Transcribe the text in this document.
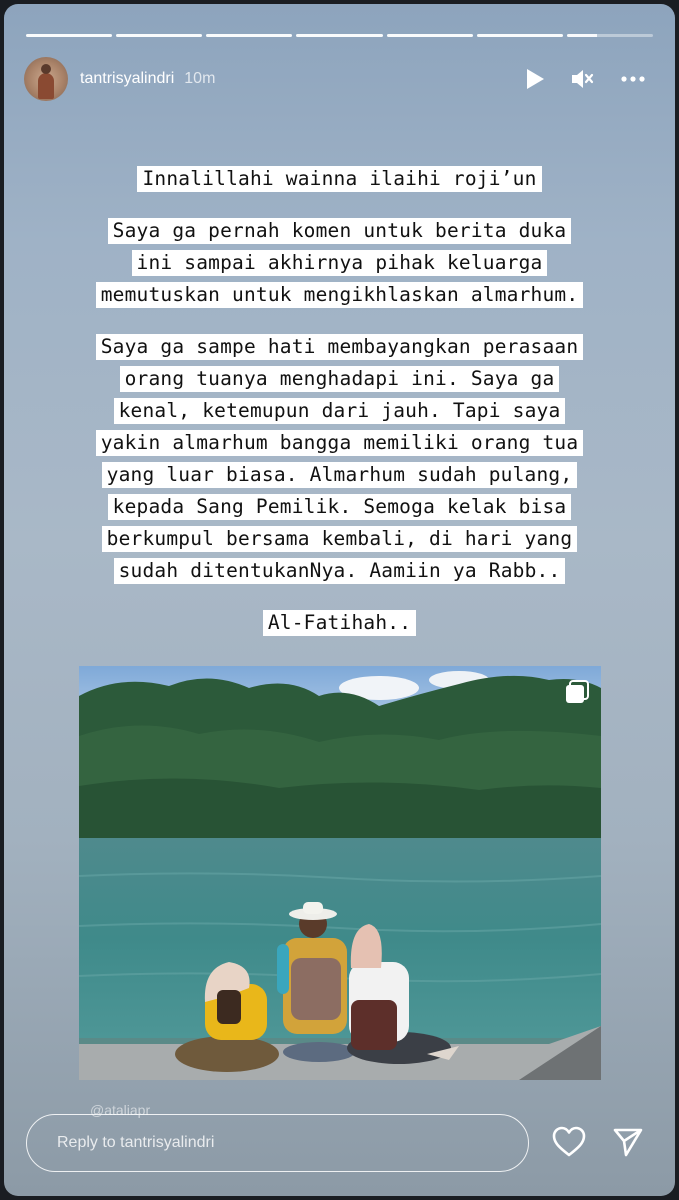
tantrisyalindri 10m
Innalillahi wainna ilaihi roji’un
Saya ga pernah komen untuk berita duka
ini sampai akhirnya pihak keluarga
memutuskan untuk mengikhlaskan almarhum.
Saya ga sampe hati membayangkan perasaan
orang tuanya menghadapi ini. Saya ga
kenal, ketemupun dari jauh. Tapi saya
yakin almarhum bangga memiliki orang tua
yang luar biasa. Almarhum sudah pulang,
kepada Sang Pemilik. Semoga kelak bisa
berkumpul bersama kembali, di hari yang
sudah ditentukanNya. Aamiin ya Rabb..
Al-Fatihah..
@ataliapr
Reply to tantrisyalindri
